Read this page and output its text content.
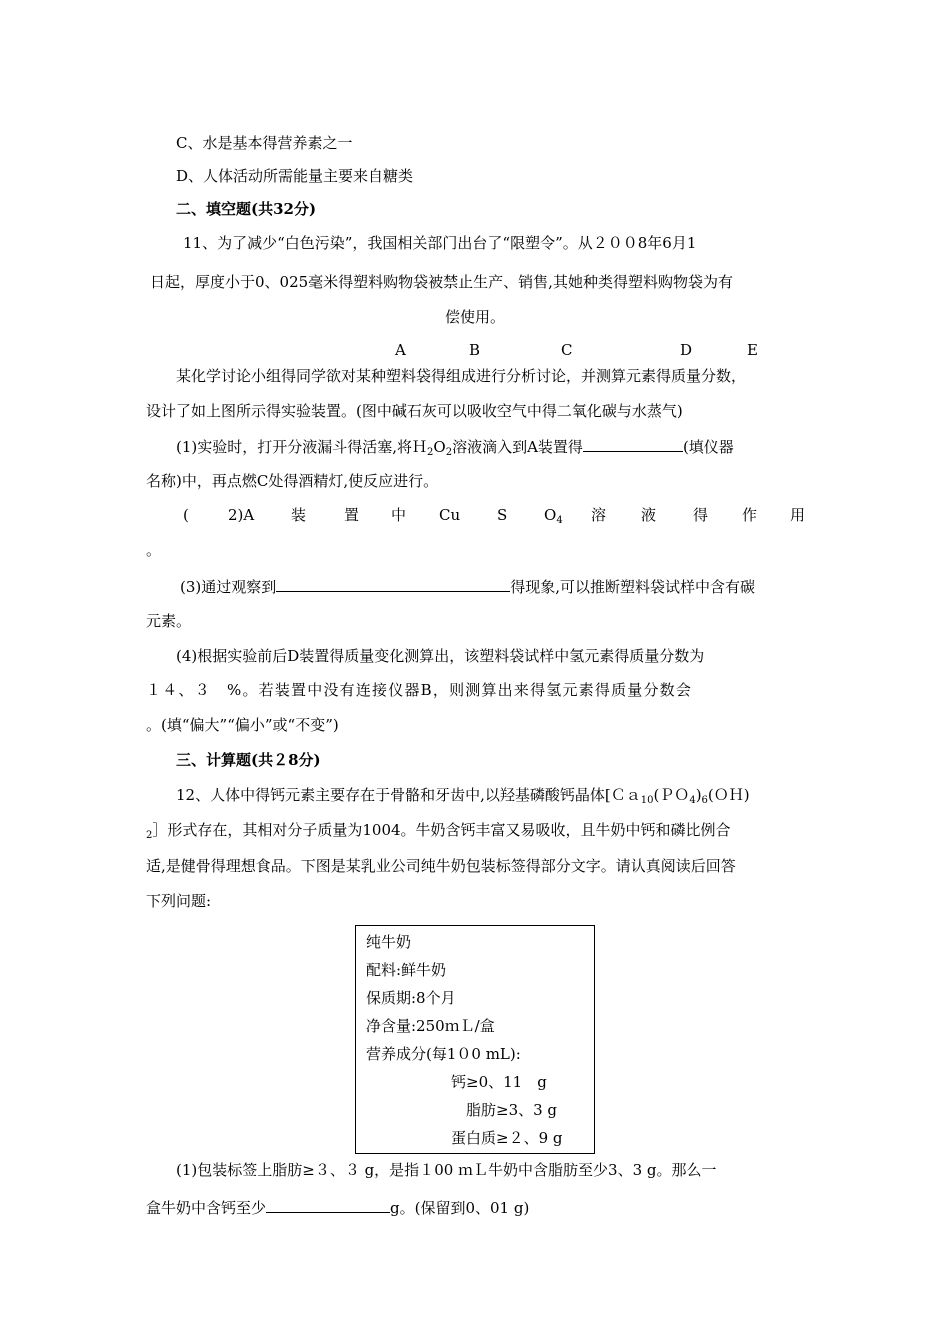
C、水是基本得营养素之一
D、人体活动所需能量主要来自糖类
二、填空题(共32分)
11、为了减少“白色污染”，我国相关部门出台了“限塑令”。从２００8年6月1
日起，厚度小于0、025毫米得塑料购物袋被禁止生产、销售,其她种类得塑料购物袋为有
偿使用。
A	B	C	D	E
某化学讨论小组得同学欲对某种塑料袋得组成进行分析讨论，并测算元素得质量分数，
设计了如上图所示得实验装置。(图中碱石灰可以吸收空气中得二氧化碳与水蒸气)
(1)实验时，打开分液漏斗得活塞,将$H_2O_2$溶液滴入到A装置得	(填仪器
名称)中，再点燃C处得酒精灯,使反应进行。
(	2)A 装	置 中 Cu S $O_4$ 溶 液 得 作 用
。
(3)通过观察到	得现象,可以推断塑料袋试样中含有碳
元素。
(4)根据实验前后D装置得质量变化测算出，该塑料袋试样中氢元素得质量分数为
１４、３　%。若装置中没有连接仪器B，则测算出来得氢元素得质量分数会
。(填“偏大”“偏小”或“不变”)
三、计算题(共２8分)
12、人体中得钙元素主要存在于骨骼和牙齿中,以羟基磷酸钙晶体[$Ca_{10}(PO_4)_6(OH)$
$_2$］形式存在，其相对分子质量为1004。牛奶含钙丰富又易吸收，且牛奶中钙和磷比例合
适,是健骨得理想食品。下图是某乳业公司纯牛奶包装标签得部分文字。请认真阅读后回答
下列问题:
纯牛奶
配料:鲜牛奶
保质期:8个月
净含量:250ｍＬ/盒
营养成分(每1０0 mL):
钙≥0、11　g
脂肪≥3、3 g
蛋白质≥２、9 g
(1)包装标签上脂肪≥３、３ g，是指１00 ｍＬ牛奶中含脂肪至少3、3 g。那么一
盒牛奶中含钙至少	g。(保留到0、01 g)
